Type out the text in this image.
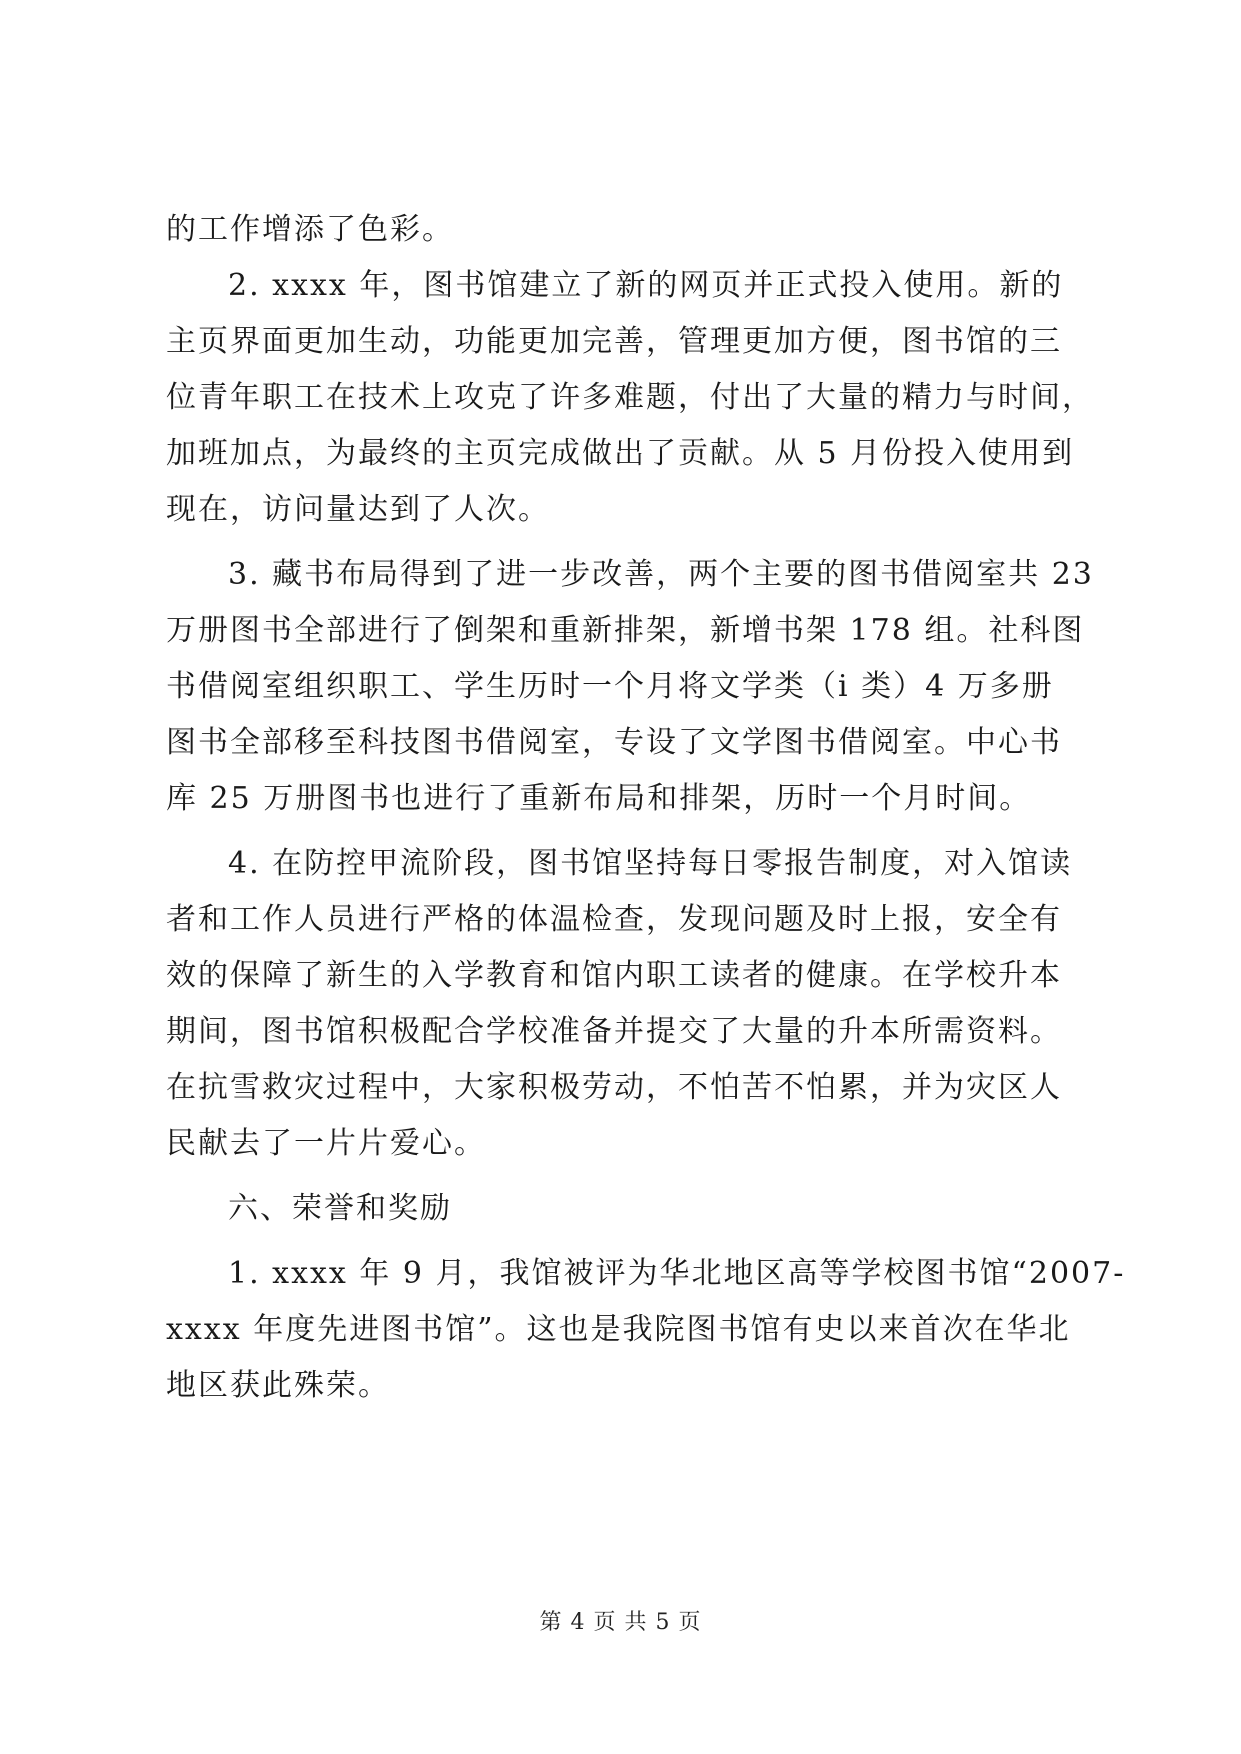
的工作增添了色彩。
2. xxxx 年，图书馆建立了新的网页并正式投入使用。新的
主页界面更加生动，功能更加完善，管理更加方便，图书馆的三
位青年职工在技术上攻克了许多难题，付出了大量的精力与时间，
加班加点，为最终的主页完成做出了贡献。从 5 月份投入使用到
现在，访问量达到了人次。
3. 藏书布局得到了进一步改善，两个主要的图书借阅室共 23
万册图书全部进行了倒架和重新排架，新增书架 178 组。社科图
书借阅室组织职工、学生历时一个月将文学类（i 类）4 万多册
图书全部移至科技图书借阅室，专设了文学图书借阅室。中心书
库 25 万册图书也进行了重新布局和排架，历时一个月时间。
4. 在防控甲流阶段，图书馆坚持每日零报告制度，对入馆读
者和工作人员进行严格的体温检查，发现问题及时上报，安全有
效的保障了新生的入学教育和馆内职工读者的健康。在学校升本
期间，图书馆积极配合学校准备并提交了大量的升本所需资料。
在抗雪救灾过程中，大家积极劳动，不怕苦不怕累，并为灾区人
民献去了一片片爱心。
六、荣誉和奖励
1. xxxx 年 9 月，我馆被评为华北地区高等学校图书馆“2007-
xxxx 年度先进图书馆”。这也是我院图书馆有史以来首次在华北
地区获此殊荣。
第 4 页 共 5 页
